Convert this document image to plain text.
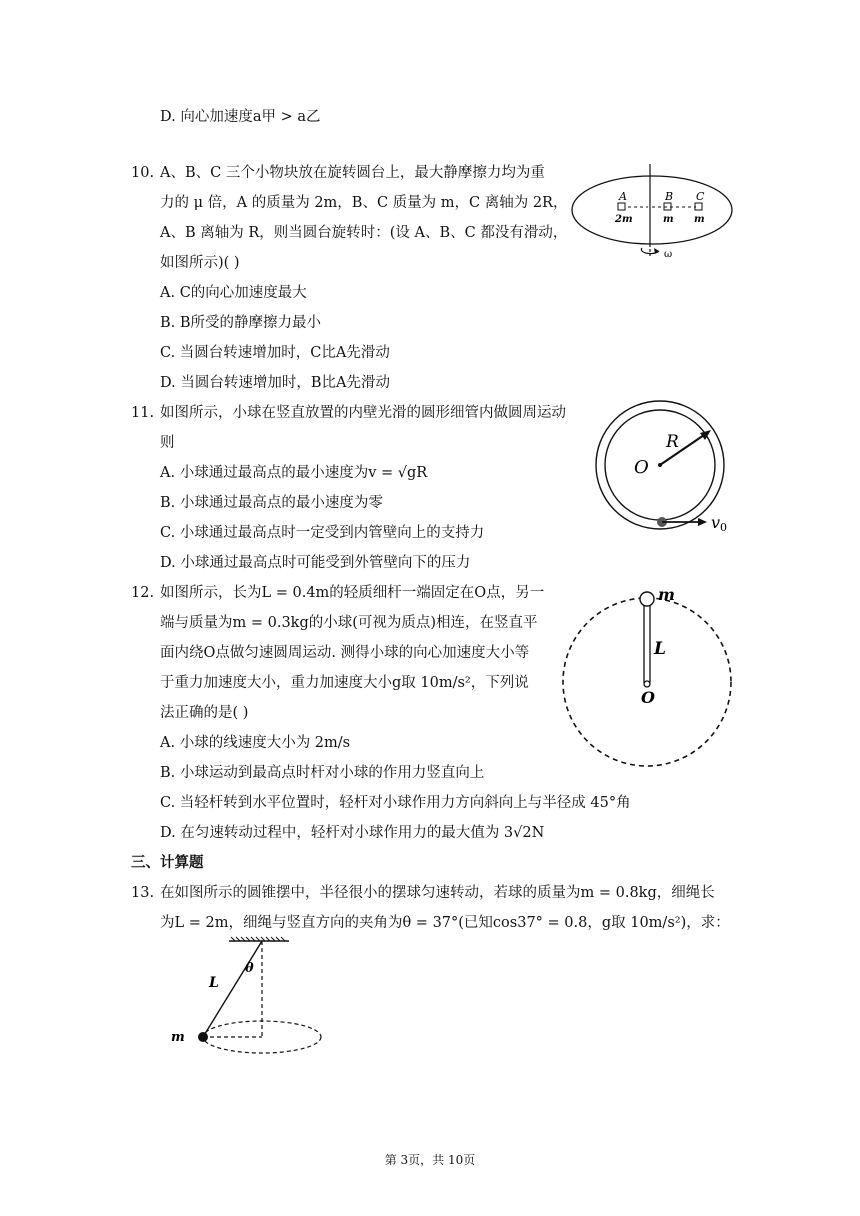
D. 向心加速度a甲 > a乙
10. A、B、C 三个小物块放在旋转圆台上，最大静摩擦力均为重
力的 μ 倍，A 的质量为 2m，B、C 质量为 m，C 离轴为 2R，
A、B 离轴为 R，则当圆台旋转时：(设 A、B、C 都没有滑动，
如图所示)( )
A. C的向心加速度最大
B. B所受的静摩擦力最小
C. 当圆台转速增加时，C比A先滑动
D. 当圆台转速增加时，B比A先滑动
A	B C
2m	m m
ω
11. 如图所示，小球在竖直放置的内壁光滑的圆形细管内做圆周运动
则
A. 小球通过最高点的最小速度为v = √gR
B. 小球通过最高点的最小速度为零
C. 小球通过最高点时一定受到内管壁向上的支持力
D. 小球通过最高点时可能受到外管壁向下的压力
O
R
v0
12. 如图所示，长为L = 0.4m的轻质细杆一端固定在O点，另一
端与质量为m = 0.3kg的小球(可视为质点)相连，在竖直平
面内绕O点做匀速圆周运动. 测得小球的向心加速度大小等
于重力加速度大小，重力加速度大小g取 10m/s²，下列说
法正确的是( )
A. 小球的线速度大小为 2m/s
B. 小球运动到最高点时杆对小球的作用力竖直向上
C. 当轻杆转到水平位置时，轻杆对小球作用力方向斜向上与半径成 45°角
D. 在匀速转动过程中，轻杆对小球作用力的最大值为 3√2N
m
L
O
三、计算题
13. 在如图所示的圆锥摆中，半径很小的摆球匀速转动，若球的质量为m = 0.8kg，细绳长
为L = 2m，细绳与竖直方向的夹角为θ = 37°(已知cos37° = 0.8，g取 10m/s²)，求：
θ
L
m
第 3页，共 10页
